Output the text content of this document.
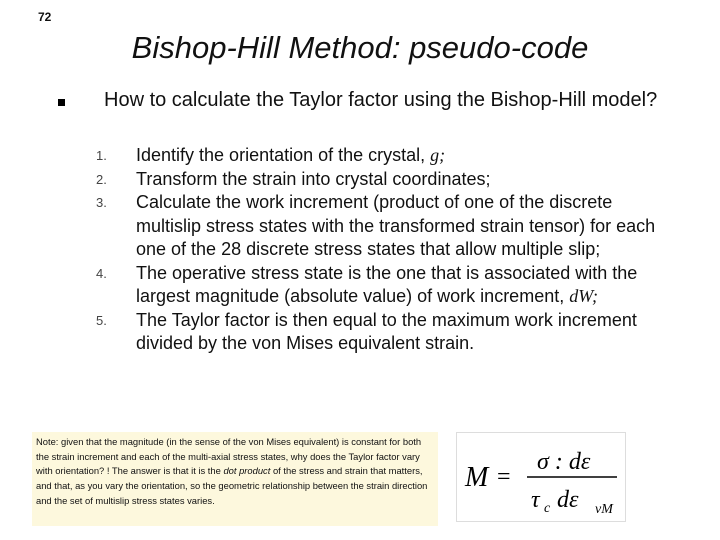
72
Bishop-Hill Method: pseudo-code
How to calculate the Taylor factor using the Bishop-Hill model?
1.	Identify the orientation of the crystal, g;
2.	Transform the strain into crystal coordinates;
3.	Calculate the work increment (product of one of the discrete multislip stress states with the transformed strain tensor) for each one of the 28 discrete stress states that allow multiple slip;
4.	The operative stress state is the one that is associated with the largest magnitude (absolute value) of work increment, dW;
5.	The Taylor factor is then equal to the maximum work increment divided by the von Mises equivalent strain.
Note: given that the magnitude (in the sense of the von Mises equivalent) is constant for both the strain increment and each of the multi-axial stress states, why does the Taylor factor vary with orientation? ! The answer is that it is the dot product of the stress and strain that matters, and that, as you vary the orientation, so the geometric relationship between the strain direction and the set of multislip stress states varies.
M =
σ : dε
τ c dε vM
